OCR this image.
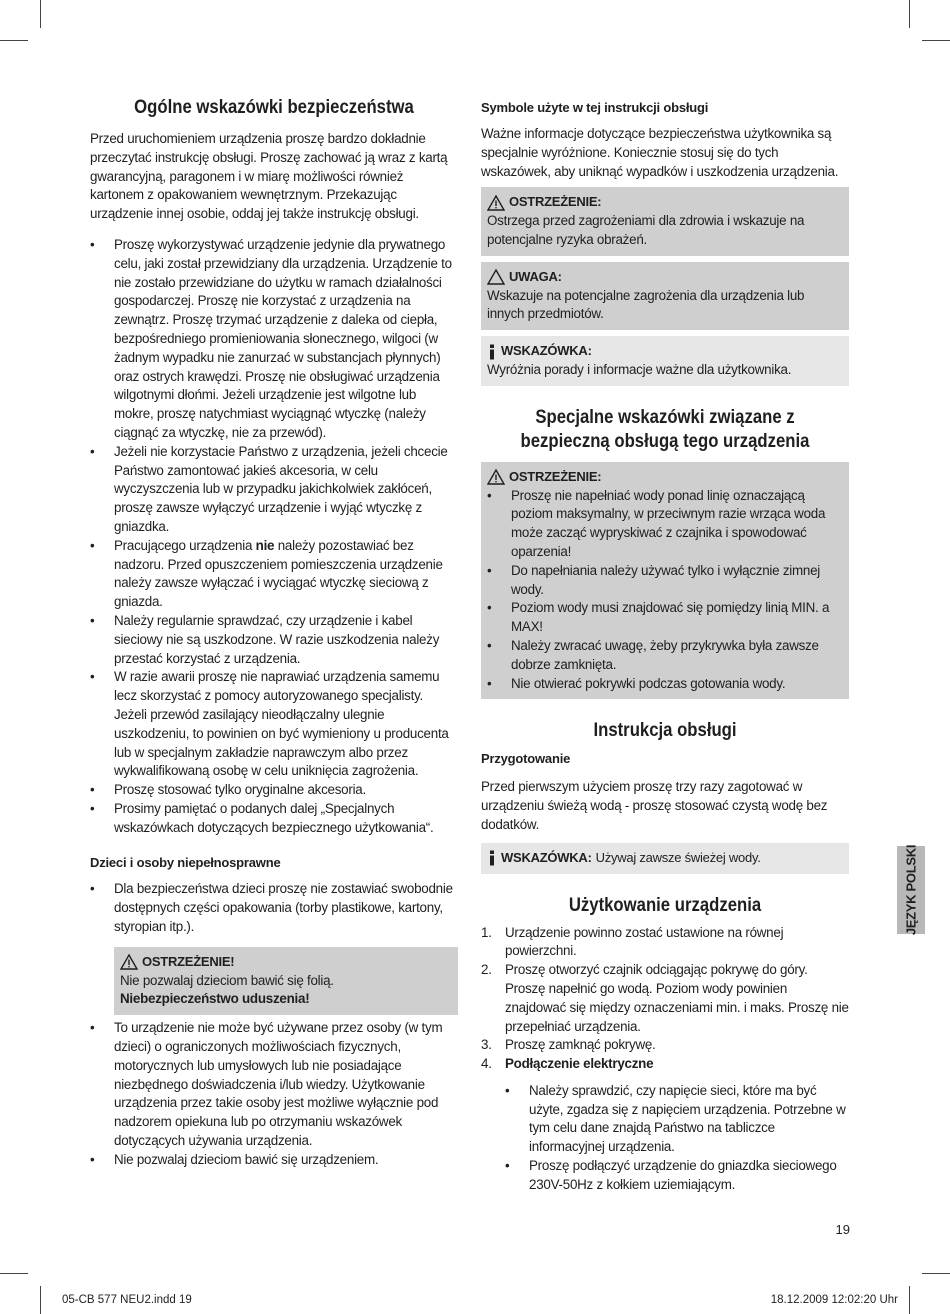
Ogólne wskazówki bezpieczeństwa

Przed uruchomieniem urządzenia proszę bardzo dokładnie przeczytać instrukcję obsługi. Proszę zachować ją wraz z kartą gwarancyjną, paragonem i w miarę możliwości również kartonem z opakowaniem wewnętrznym. Przekazując urządzenie innej osobie, oddaj jej także instrukcję obsługi.

• Proszę wykorzystywać urządzenie jedynie dla prywatnego celu, jaki został przewidziany dla urządzenia. Urządzenie to nie zostało przewidziane do użytku w ramach działalności gospodarczej. Proszę nie korzystać z urządzenia na zewnątrz. Proszę trzymać urządzenie z daleka od ciepła, bezpośredniego promieniowania słonecznego, wilgoci (w żadnym wypadku nie zanurzać w substancjach płynnych) oraz ostrych krawędzi. Proszę nie obsługiwać urządzenia wilgotnymi dłońmi. Jeżeli urządzenie jest wilgotne lub mokre, proszę natychmiast wyciągnąć wtyczkę (należy ciągnąć za wtyczkę, nie za przewód).
• Jeżeli nie korzystacie Państwo z urządzenia, jeżeli chcecie Państwo zamontować jakieś akcesoria, w celu wyczyszczenia lub w przypadku jakichkolwiek zakłóceń, proszę zawsze wyłączyć urządzenie i wyjąć wtyczkę z gniazdka.
• Pracującego urządzenia nie należy pozostawiać bez nadzoru. Przed opuszczeniem pomieszczenia urządzenie należy zawsze wyłączać i wyciągać wtyczkę sieciową z gniazda.
• Należy regularnie sprawdzać, czy urządzenie i kabel sieciowy nie są uszkodzone. W razie uszkodzenia należy przestać korzystać z urządzenia.
• W razie awarii proszę nie naprawiać urządzenia samemu lecz skorzystać z pomocy autoryzowanego specjalisty. Jeżeli przewód zasilający nieodłączalny ulegnie uszkodzeniu, to powinien on być wymieniony u producenta lub w specjalnym zakładzie naprawczym albo przez wykwalifikowaną osobę w celu uniknięcia zagrożenia.
• Proszę stosować tylko oryginalne akcesoria.
• Prosimy pamiętać o podanych dalej „Specjalnych wskazówkach dotyczących bezpiecznego użytkowania“.

Dzieci i osoby niepełnosprawne

• Dla bezpieczeństwa dzieci proszę nie zostawiać swobodnie dostępnych części opakowania (torby plastikowe, kartony, styropian itp.).
OSTRZEŻENIE!

Nie pozwalaj dzieciom bawić się folią.

Niebezpieczeństwo uduszenia!

• To urządzenie nie może być używane przez osoby (w tym dzieci) o ograniczonych możliwościach fizycznych, motorycznych lub umysłowych lub nie posiadające niezbędnego doświadczenia i/lub wiedzy. Użytkowanie urządzenia przez takie osoby jest możliwe wyłącznie pod nadzorem opiekuna lub po otrzymaniu wskazówek dotyczących używania urządzenia.
• Nie pozwalaj dzieciom bawić się urządzeniem.

Symbole użyte w tej instrukcji obsługi

Ważne informacje dotyczące bezpieczeństwa użytkownika są specjalnie wyróżnione. Koniecznie stosuj się do tych wskazówek, aby uniknąć wypadków i uszkodzenia urządzenia.

OSTRZEŻENIE:

Ostrzega przed zagrożeniami dla zdrowia i wskazuje na potencjalne ryzyka obrażeń.

UWAGA:

Wskazuje na potencjalne zagrożenia dla urządzenia lub innych przedmiotów.

WSKAZÓWKA:

Wyróżnia porady i informacje ważne dla użytkownika.

Specjalne wskazówki związane z bezpieczną obsługą tego urządzenia
OSTRZEŻENIE:
• Proszę nie napełniać wody ponad linię oznaczającą poziom maksymalny, w przeciwnym razie wrząca woda może zacząć wypryskiwać z czajnika i spowodować oparzenia!
• Do napełniania należy używać tylko i wyłącznie zimnej wody.
• Poziom wody musi znajdować się pomiędzy linią MIN. a MAX!
• Należy zwracać uwagę, żeby przykrywka była zawsze dobrze zamknięta.
• Nie otwierać pokrywki podczas gotowania wody.
Instrukcja obsługi

Przygotowanie

Przed pierwszym użyciem proszę trzy razy zagotować w urządzeniu świeżą wodą - proszę stosować czystą wodę bez dodatków.

WSKAZÓWKA: Używaj zawsze świeżej wody.
Użytkowanie urządzenia
1. Urządzenie powinno zostać ustawione na równej powierzchni.
2. Proszę otworzyć czajnik odciągając pokrywę do góry. Proszę napełnić go wodą. Poziom wody powinien znajdować się między oznaczeniami min. i maks. Proszę nie przepełniać urządzenia.
3. Proszę zamknąć pokrywę.
4. Podłączenie elektryczne
• Należy sprawdzić, czy napięcie sieci, które ma być użyte, zgadza się z napięciem urządzenia. Potrzebne w tym celu dane znajdą Państwo na tabliczce informacyjnej urządzenia.
• Proszę podłączyć urządzenie do gniazdka sieciowego 230V-50Hz z kołkiem uziemiającym.
JĘZYK POLSKI
19
05-CB 577 NEU2.indd 19	18.12.2009 12:02:20 Uhr
